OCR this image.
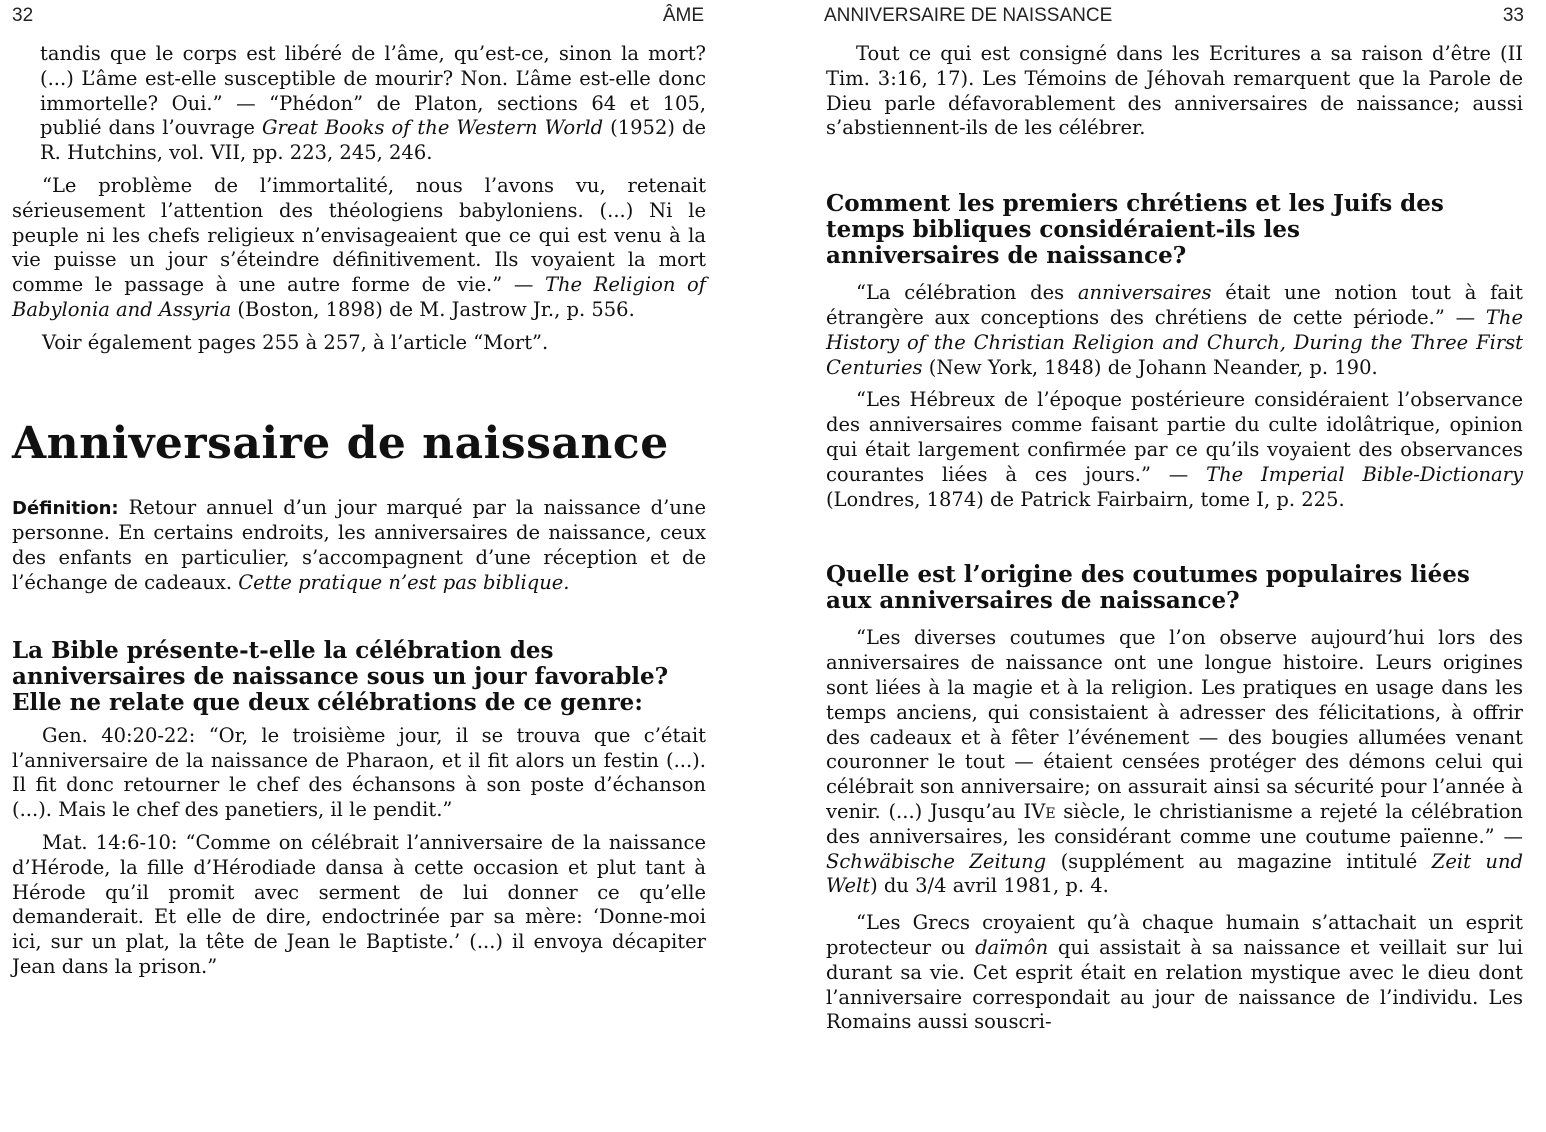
32	ÂME

tandis que le corps est libéré de l’âme, qu’est-ce, sinon la mort? (...) L’âme est-elle susceptible de mourir? Non. L’âme est-elle donc immortelle? Oui.” — “Phédon” de Platon, sections 64 et 105, publié dans l’ouvrage Great Books of the Western World (1952) de R. Hutchins, vol. VII, pp. 223, 245, 246.

“Le problème de l’immortalité, nous l’avons vu, retenait sérieusement l’attention des théologiens babyloniens. (...) Ni le peuple ni les chefs religieux n’envisageaient que ce qui est venu à la vie puisse un jour s’éteindre définitivement. Ils voyaient la mort comme le passage à une autre forme de vie.” — The Religion of Babylonia and Assyria (Boston, 1898) de M. Jastrow Jr., p. 556.

Voir également pages 255 à 257, à l’article “Mort”.

Anniversaire de naissance

Définition: Retour annuel d’un jour marqué par la naissance d’une personne. En certains endroits, les anniversaires de naissance, ceux des enfants en particulier, s’accompagnent d’une réception et de l’échange de cadeaux. Cette pratique n’est pas biblique.

La Bible présente-t-elle la célébration des anniversaires de naissance sous un jour favorable? Elle ne relate que deux célébrations de ce genre:

Gen. 40:20-22: “Or, le troisième jour, il se trouva que c’était l’anniversaire de la naissance de Pharaon, et il fit alors un festin (...). Il fit donc retourner le chef des échansons à son poste d’échanson (...). Mais le chef des panetiers, il le pendit.”

Mat. 14:6-10: “Comme on célébrait l’anniversaire de la naissance d’Hérode, la fille d’Hérodiade dansa à cette occasion et plut tant à Hérode qu’il promit avec serment de lui donner ce qu’elle demanderait. Et elle de dire, endoctrinée par sa mère: ‘Donne-moi ici, sur un plat, la tête de Jean le Baptiste.’ (...) il envoya décapiter Jean dans la prison.”

ANNIVERSAIRE DE NAISSANCE	33

Tout ce qui est consigné dans les Ecritures a sa raison d’être (II Tim. 3:16, 17). Les Témoins de Jéhovah remarquent que la Parole de Dieu parle défavorablement des anniversaires de naissance; aussi s’abstiennent-ils de les célébrer.

Comment les premiers chrétiens et les Juifs des temps bibliques considéraient-ils les anniversaires de naissance?

“La célébration des anniversaires était une notion tout à fait étrangère aux conceptions des chrétiens de cette période.” — The History of the Christian Religion and Church, During the Three First Centuries (New York, 1848) de Johann Neander, p. 190.

“Les Hébreux de l’époque postérieure considéraient l’observance des anniversaires comme faisant partie du culte idolâtrique, opinion qui était largement confirmée par ce qu’ils voyaient des observances courantes liées à ces jours.” — The Imperial Bible-Dictionary (Londres, 1874) de Patrick Fairbairn, tome I, p. 225.

Quelle est l’origine des coutumes populaires liées aux anniversaires de naissance?

“Les diverses coutumes que l’on observe aujourd’hui lors des anniversaires de naissance ont une longue histoire. Leurs origines sont liées à la magie et à la religion. Les pratiques en usage dans les temps anciens, qui consistaient à adresser des félicitations, à offrir des cadeaux et à fêter l’événement — des bougies allumées venant couronner le tout — étaient censées protéger des démons celui qui célébrait son anniversaire; on assurait ainsi sa sécurité pour l’année à venir. (...) Jusqu’au IVe siècle, le christianisme a rejeté la célébration des anniversaires, les considérant comme une coutume païenne.” — Schwäbische Zeitung (supplément au magazine intitulé Zeit und Welt) du 3/4 avril 1981, p. 4.

“Les Grecs croyaient qu’à chaque humain s’attachait un esprit protecteur ou daïmôn qui assistait à sa naissance et veillait sur lui durant sa vie. Cet esprit était en relation mystique avec le dieu dont l’anniversaire correspondait au jour de naissance de l’individu. Les Romains aussi souscri-
